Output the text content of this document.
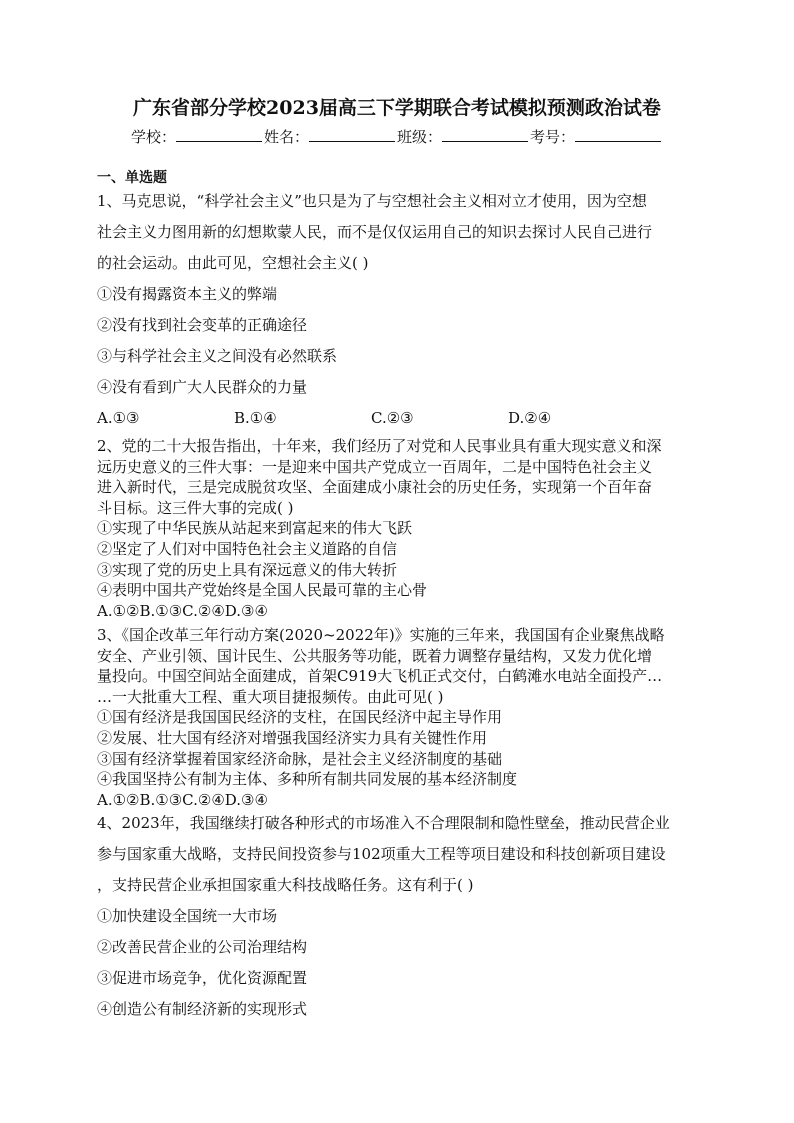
广东省部分学校2023届高三下学期联合考试模拟预测政治试卷
学校：	姓名：	班级：	考号：
一、单选题
1、马克思说，“科学社会主义”也只是为了与空想社会主义相对立才使用，因为空想
社会主义力图用新的幻想欺蒙人民，而不是仅仅运用自己的知识去探讨人民自己进行
的社会运动。由此可见，空想社会主义( )
①没有揭露资本主义的弊端
②没有找到社会变革的正确途径
③与科学社会主义之间没有必然联系
④没有看到广大人民群众的力量
A.①③	B.①④	C.②③	D.②④
2、党的二十大报告指出，十年来，我们经历了对党和人民事业具有重大现实意义和深
远历史意义的三件大事：一是迎来中国共产党成立一百周年，二是中国特色社会主义
进入新时代，三是完成脱贫攻坚、全面建成小康社会的历史任务，实现第一个百年奋
斗目标。这三件大事的完成( )
①实现了中华民族从站起来到富起来的伟大飞跃
②坚定了人们对中国特色社会主义道路的自信
③实现了党的历史上具有深远意义的伟大转折
④表明中国共产党始终是全国人民最可靠的主心骨
A.①②B.①③C.②④D.③④
3、《国企改革三年行动方案(2020~2022年)》实施的三年来，我国国有企业聚焦战略
安全、产业引领、国计民生、公共服务等功能，既着力调整存量结构，又发力优化增
量投向。中国空间站全面建成，首架C919大飞机正式交付，白鹤滩水电站全面投产…
…一大批重大工程、重大项目捷报频传。由此可见( )
①国有经济是我国国民经济的支柱，在国民经济中起主导作用
②发展、壮大国有经济对增强我国经济实力具有关键性作用
③国有经济掌握着国家经济命脉，是社会主义经济制度的基础
④我国坚持公有制为主体、多种所有制共同发展的基本经济制度
A.①②B.①③C.②④D.③④
4、2023年，我国继续打破各种形式的市场准入不合理限制和隐性壁垒，推动民营企业
参与国家重大战略，支持民间投资参与102项重大工程等项目建设和科技创新项目建设
，支持民营企业承担国家重大科技战略任务。这有利于( )
①加快建设全国统一大市场
②改善民营企业的公司治理结构
③促进市场竞争，优化资源配置
④创造公有制经济新的实现形式
